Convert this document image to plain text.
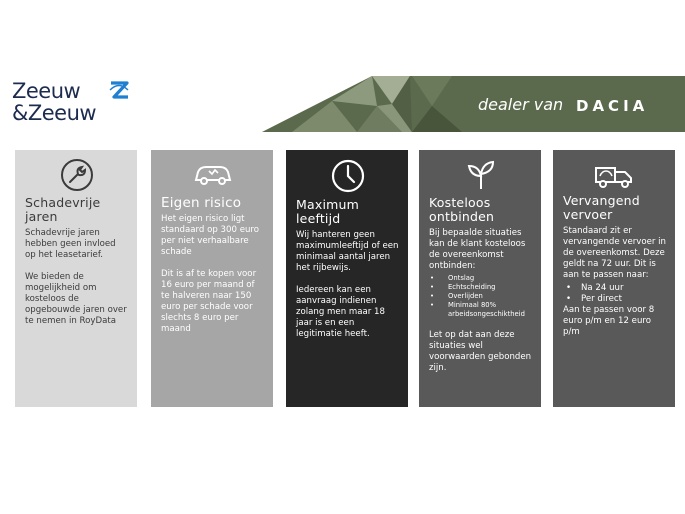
Zeeuw
&Zeeuw	dealer van DACIA
Schadevrije jaren

Schadevrije jaren hebben geen invloed op het leasetarief.

We bieden de mogelijkheid om kosteloos de opgebouwde jaren over te nemen in RoyData

Eigen risico

Het eigen risico ligt standaard op 300 euro per niet verhaalbare schade

Dit is af te kopen voor 16 euro per maand of te halveren naar 150 euro per schade voor slechts 8 euro per maand

Maximum leeftijd

Wij hanteren geen maximumleeftijd of een minimaal aantal jaren het rijbewijs.

Iedereen kan een aanvraag indienen zolang men maar 18 jaar is en een legitimatie heeft.

Kosteloos ontbinden

Bij bepaalde situaties kan de klant kosteloos de overeenkomst ontbinden:

• Ontslag
• Echtscheiding
• Overlijden
• Minimaal 80% arbeidsongeschiktheid

Let op dat aan deze situaties wel voorwaarden gebonden zijn.

Vervangend vervoer

Standaard zit er vervangende vervoer in de overeenkomst. Deze geldt na 72 uur. Dit is aan te passen naar:

• Na 24 uur
• Per direct

Aan te passen voor 8 euro p/m en 12 euro p/m
